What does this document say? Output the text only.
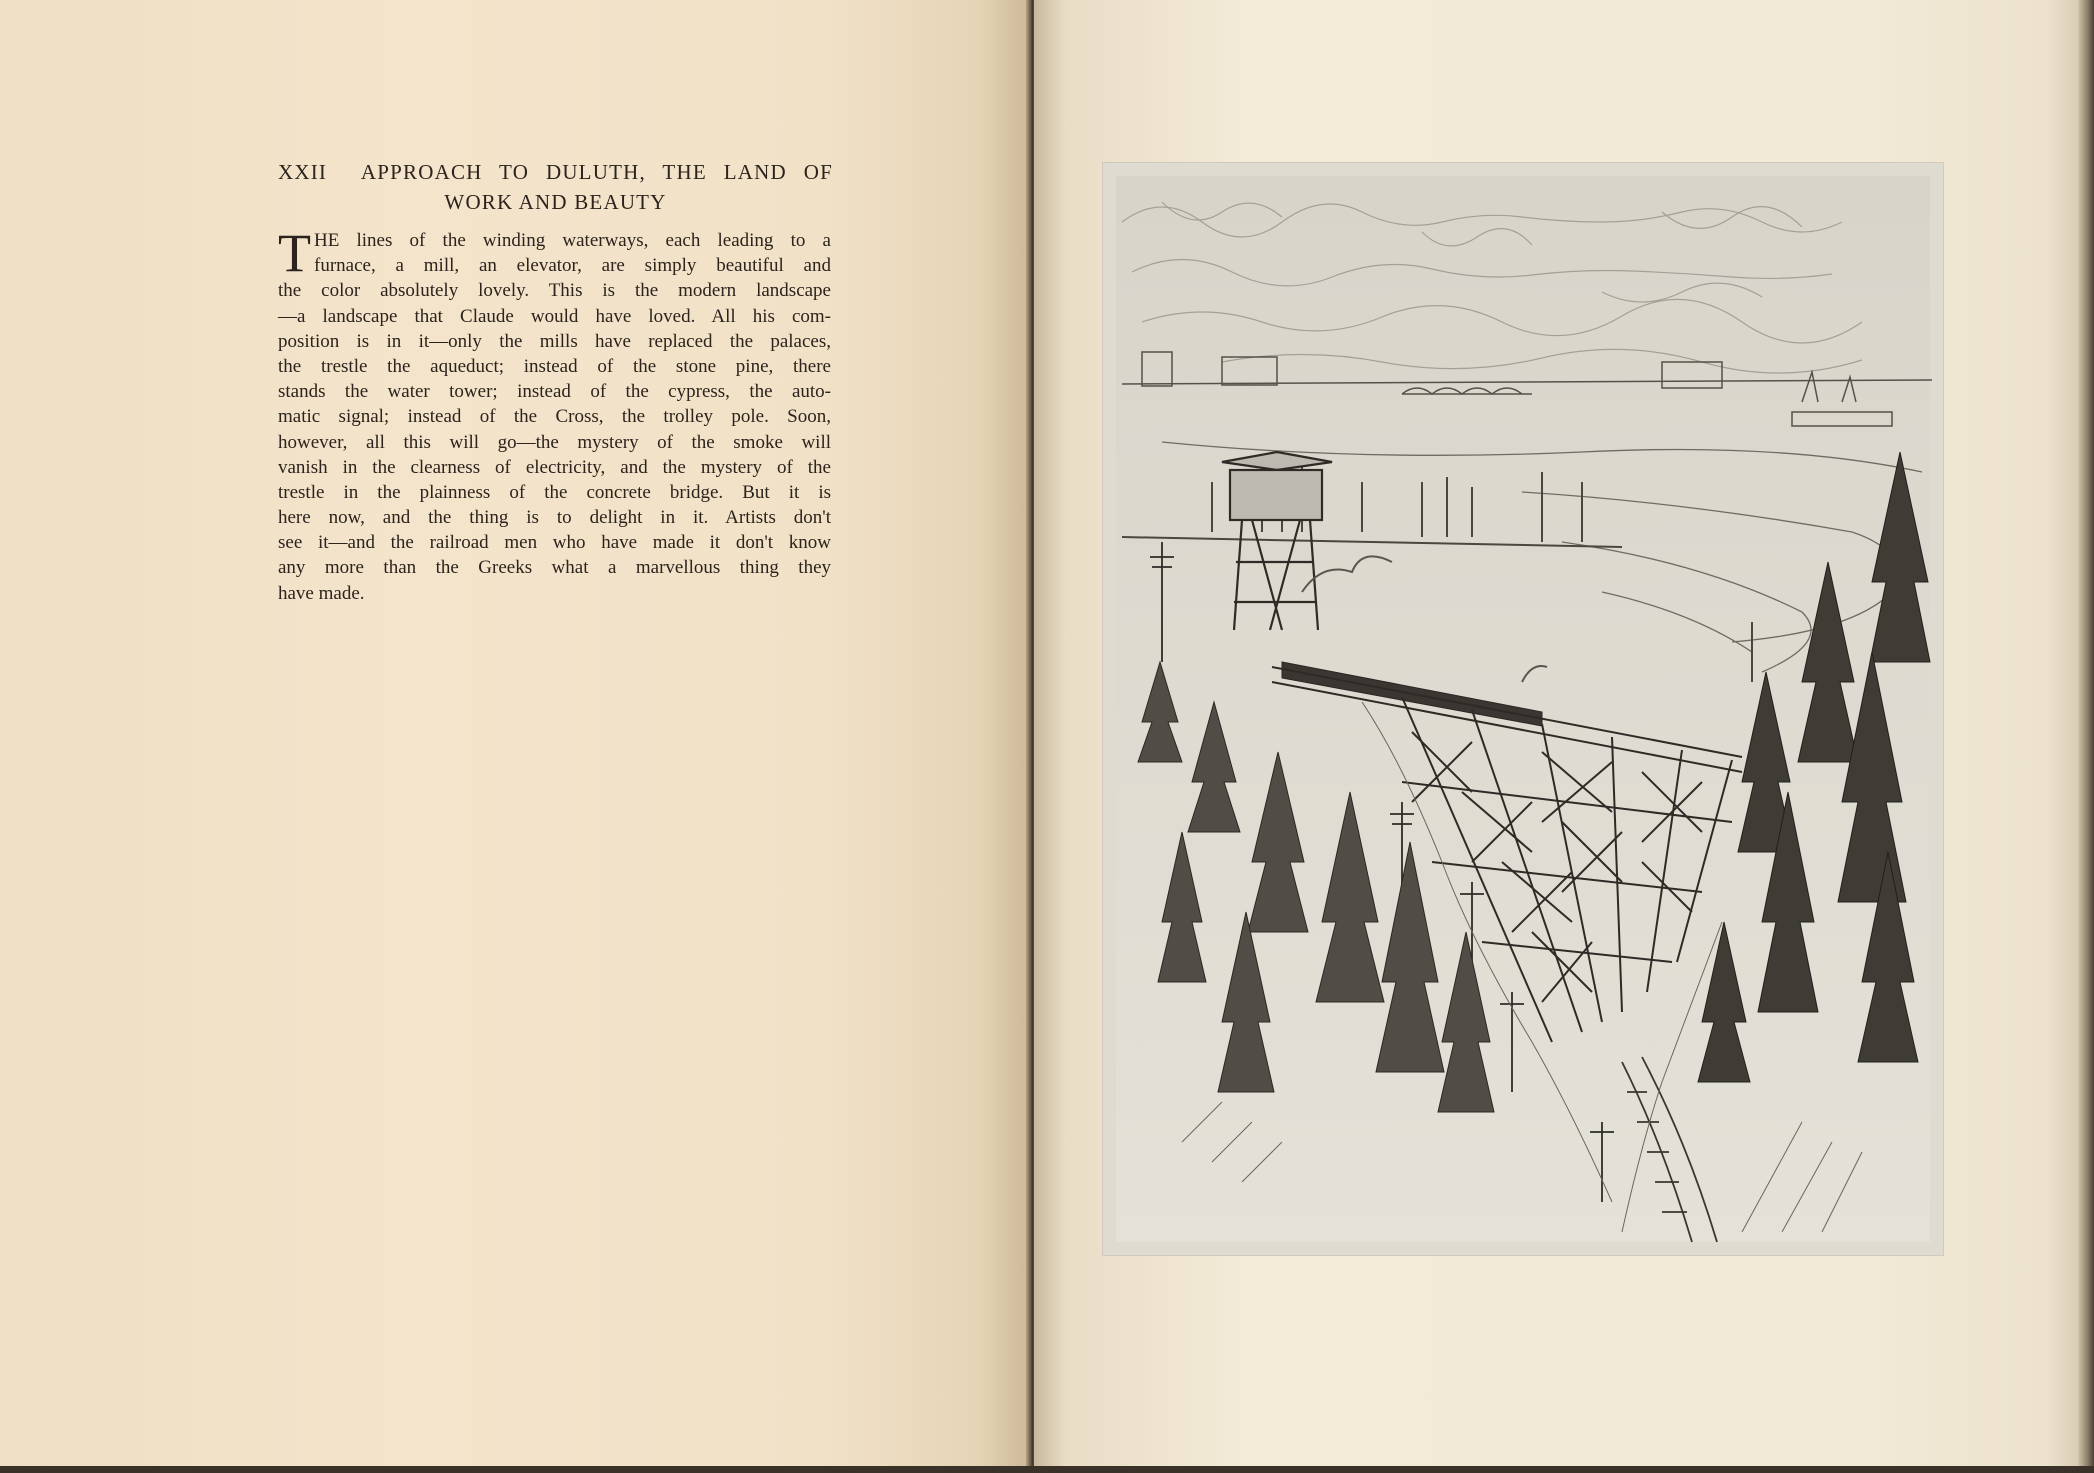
XXII APPROACH TO DULUTH, THE LAND OF
WORK AND BEAUTY
T HE lines of the winding waterways, each leading to a
furnace, a mill, an elevator, are simply beautiful and
the color absolutely lovely. This is the modern landscape
—a landscape that Claude would have loved. All his com-
position is in it—only the mills have replaced the palaces,
the trestle the aqueduct; instead of the stone pine, there
stands the water tower; instead of the cypress, the auto-
matic signal; instead of the Cross, the trolley pole. Soon,
however, all this will go—the mystery of the smoke will
vanish in the clearness of electricity, and the mystery of the
trestle in the plainness of the concrete bridge. But it is
here now, and the thing is to delight in it. Artists don't
see it—and the railroad men who have made it don't know
any more than the Greeks what a marvellous thing they
have made.
